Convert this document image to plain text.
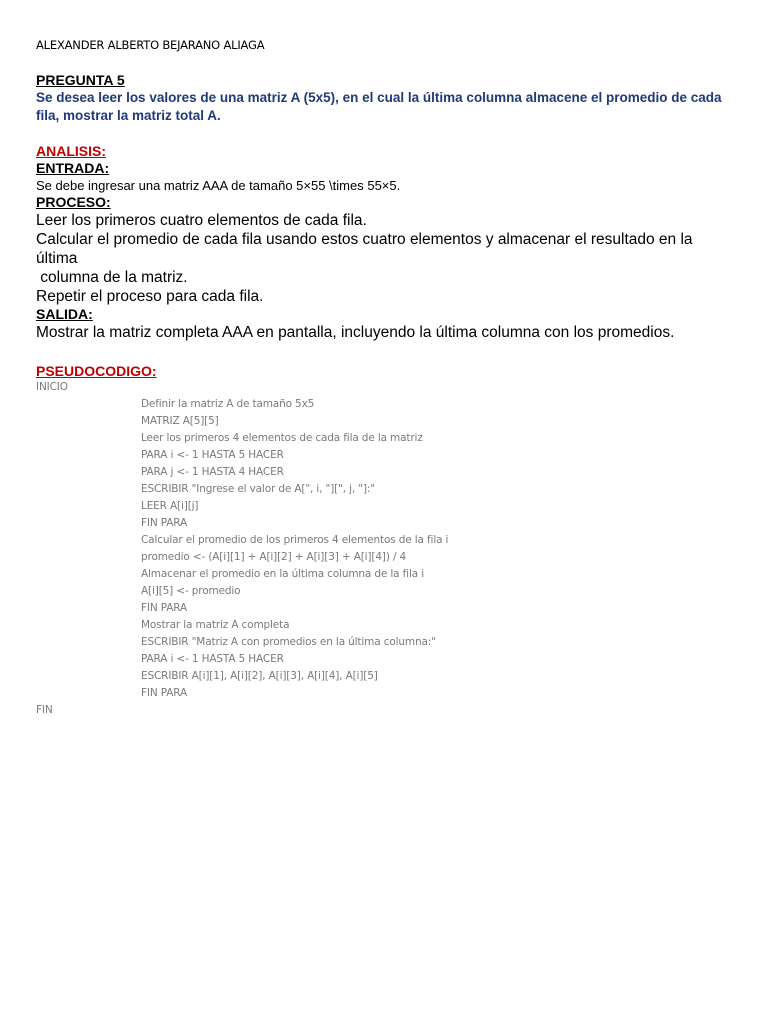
ALEXANDER ALBERTO BEJARANO ALIAGA
PREGUNTA 5
Se desea leer los valores de una matriz A (5x5), en el cual la última columna almacene el promedio de cada fila, mostrar la matriz total A.
ANALISIS:
ENTRADA:
Se debe ingresar una matriz AAA de tamaño 5×55 \times 55×5.
PROCESO:
Leer los primeros cuatro elementos de cada fila.
Calcular el promedio de cada fila usando estos cuatro elementos y almacenar el resultado en la última
columna de la matriz.
Repetir el proceso para cada fila.
SALIDA:
Mostrar la matriz completa AAA en pantalla, incluyendo la última columna con los promedios.
PSEUDOCODIGO:
INICIO
Definir la matriz A de tamaño 5x5
MATRIZ A[5][5]
Leer los primeros 4 elementos de cada fila de la matriz
PARA i <- 1 HASTA 5 HACER
PARA j <- 1 HASTA 4 HACER
ESCRIBIR "Ingrese el valor de A[", i, "][", j, "]:"
LEER A[i][j]
FIN PARA
Calcular el promedio de los primeros 4 elementos de la fila i
promedio <- (A[i][1] + A[i][2] + A[i][3] + A[i][4]) / 4
Almacenar el promedio en la última columna de la fila i
A[i][5] <- promedio
FIN PARA
Mostrar la matriz A completa
ESCRIBIR "Matriz A con promedios en la última columna:"
PARA i <- 1 HASTA 5 HACER
ESCRIBIR A[i][1], A[i][2], A[i][3], A[i][4], A[i][5]
FIN PARA
FIN
